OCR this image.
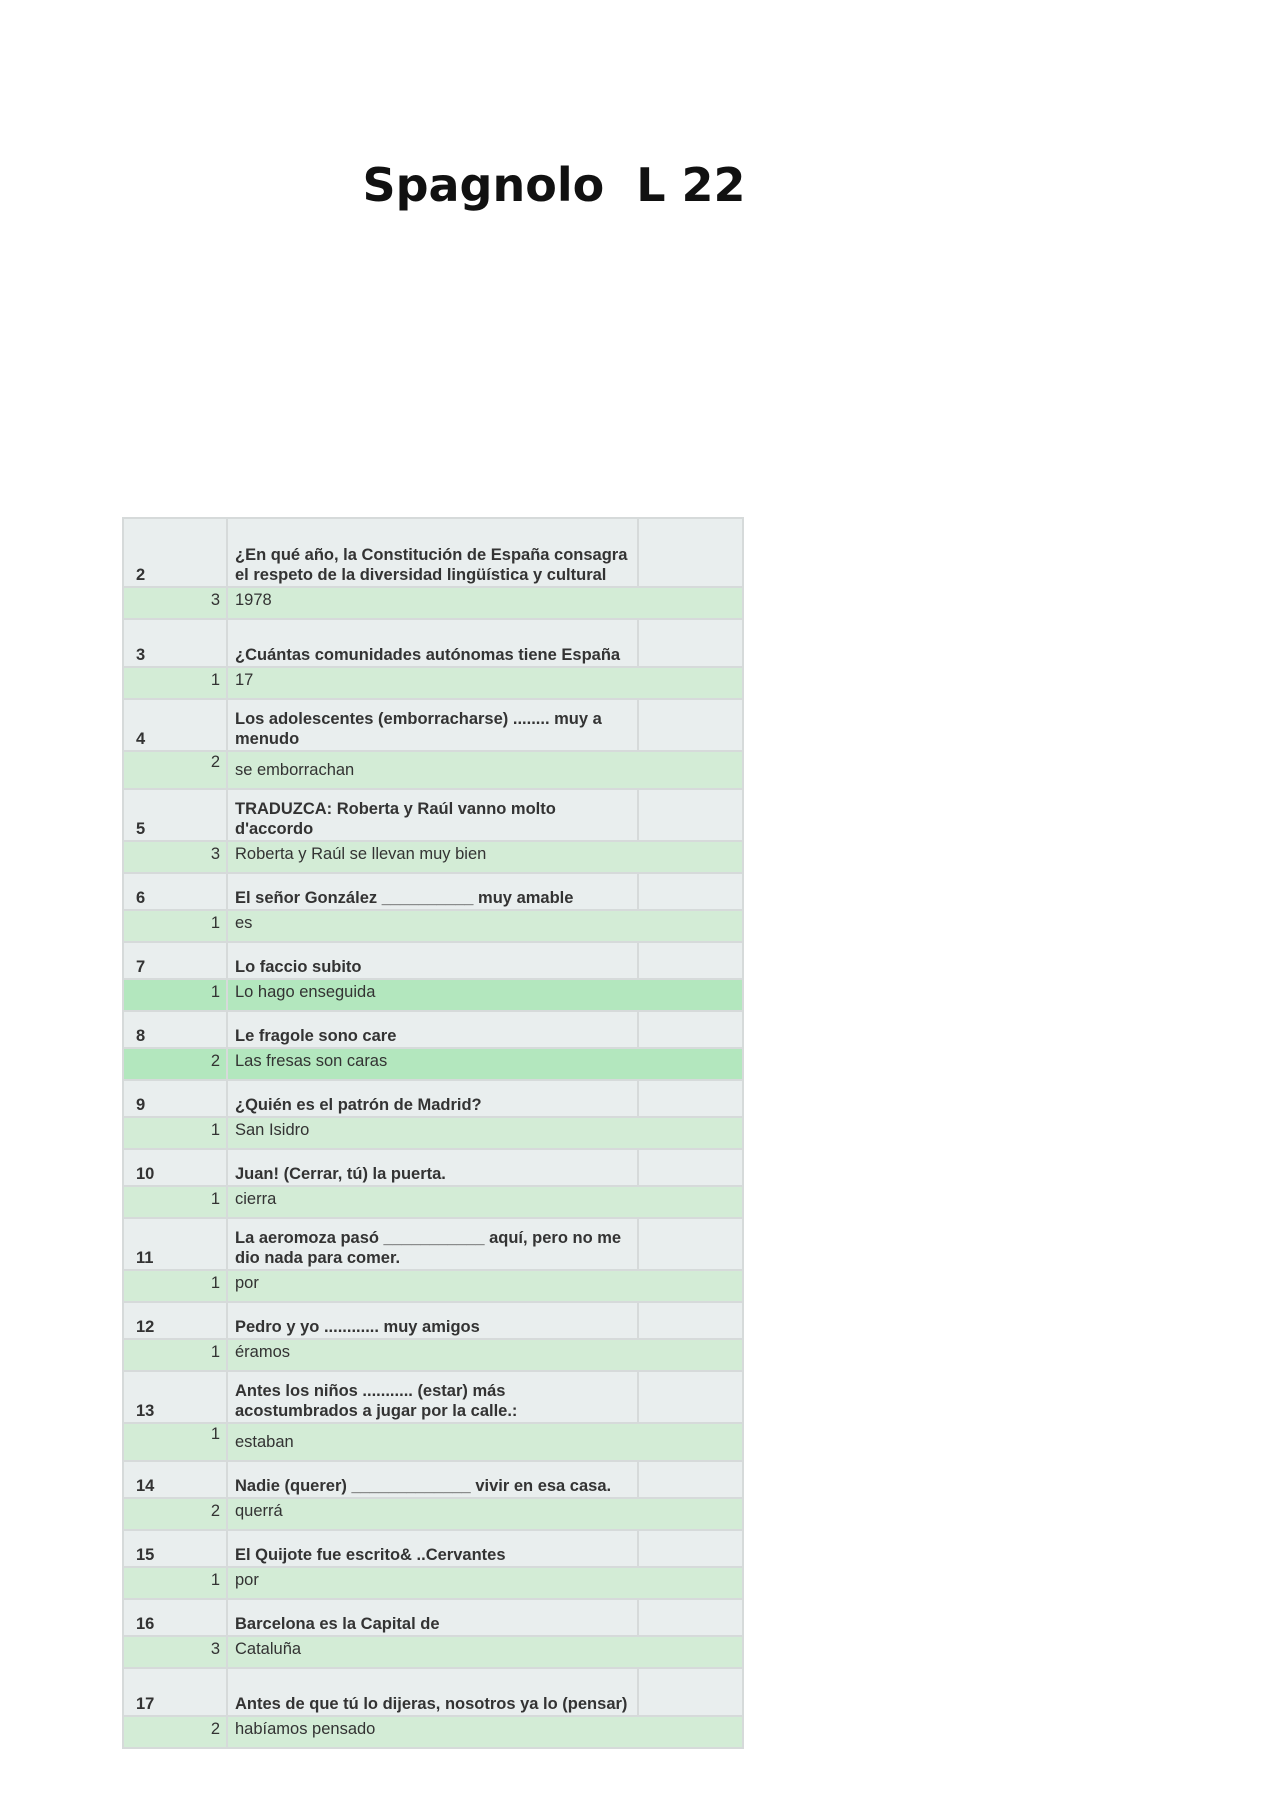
Spagnolo  L 22
2	¿En qué año, la Constitución de España consagra el respeto de la diversidad lingüística y cultural	
3	1978	
3	¿Cuántas comunidades autónomas tiene España	
1	17	
4	Los adolescentes (emborracharse) ........ muy a menudo	
2	se emborrachan	
5	TRADUZCA: Roberta y Raúl vanno molto d'accordo	
3	Roberta y Raúl se llevan muy bien	
6	El señor González __________ muy amable	
1	es	
7	Lo faccio subito	
1	Lo hago enseguida	
8	Le fragole sono care	
2	Las fresas son caras	
9	¿Quién es el patrón de Madrid?	
1	San Isidro	
10	Juan! (Cerrar, tú) la puerta.	
1	cierra	
11	La aeromoza pasó ___________ aquí, pero no me dio nada para comer.	
1	por	
12	Pedro y yo ............ muy amigos	
1	éramos	
13	Antes los niños ........... (estar) más acostumbrados a jugar por la calle.:	
1	estaban	
14	Nadie (querer) _____________ vivir en esa casa.	
2	querrá	
15	El Quijote fue escrito& ..Cervantes	
1	por	
16	Barcelona es la Capital de	
3	Cataluña	
17	Antes de que tú lo dijeras, nosotros ya lo (pensar)	
2	habíamos pensado	
